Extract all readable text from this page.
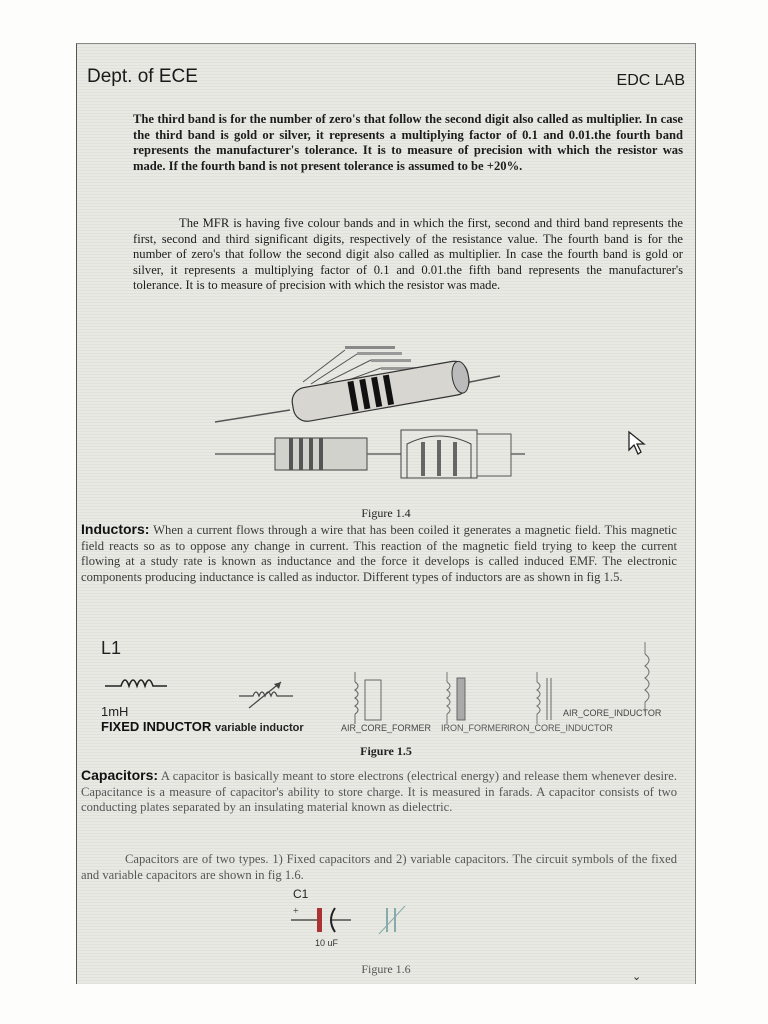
Dept. of ECE	EDC LAB

The third band is for the number of zero's that follow the second digit also called as multiplier. In case the third band is gold or silver, it represents a multiplying factor of 0.1 and 0.01.the fourth band represents the manufacturer's tolerance. It is to measure of precision with which the resistor was made. If the fourth band is not present tolerance is assumed to be +20%.

The MFR is having five colour bands and in which the first, second and third band represents the first, second and third significant digits, respectively of the resistance value. The fourth band is for the number of zero's that follow the second digit also called as multiplier. In case the fourth band is gold or silver, it represents a multiplying factor of 0.1 and 0.01.the fifth band represents the manufacturer's tolerance. It is to measure of precision with which the resistor was made.

Figure 1.4

Inductors: When a current flows through a wire that has been coiled it generates a magnetic field. This magnetic field reacts so as to oppose any change in current. This reaction of the magnetic field trying to keep the current flowing at a study rate is known as inductance and the force it develops is called induced EMF. The electronic components producing inductance is called as inductor. Different types of inductors are as shown in fig 1.5.

L1
1mH
FIXED INDUCTOR variable inductor	AIR_CORE_FORMER IRON_FORMER IRON_CORE_INDUCTOR
AIR_CORE_INDUCTOR
Figure 1.5

Capacitors: A capacitor is basically meant to store electrons (electrical energy) and release them whenever desire. Capacitance is a measure of capacitor's ability to store charge. It is measured in farads. A capacitor consists of two conducting plates separated by an insulating material known as dielectric.

Capacitors are of two types. 1) Fixed capacitors and 2) variable capacitors. The circuit symbols of the fixed and variable capacitors are shown in fig 1.6.

C1
+
10 uF
Figure 1.6
⌄
